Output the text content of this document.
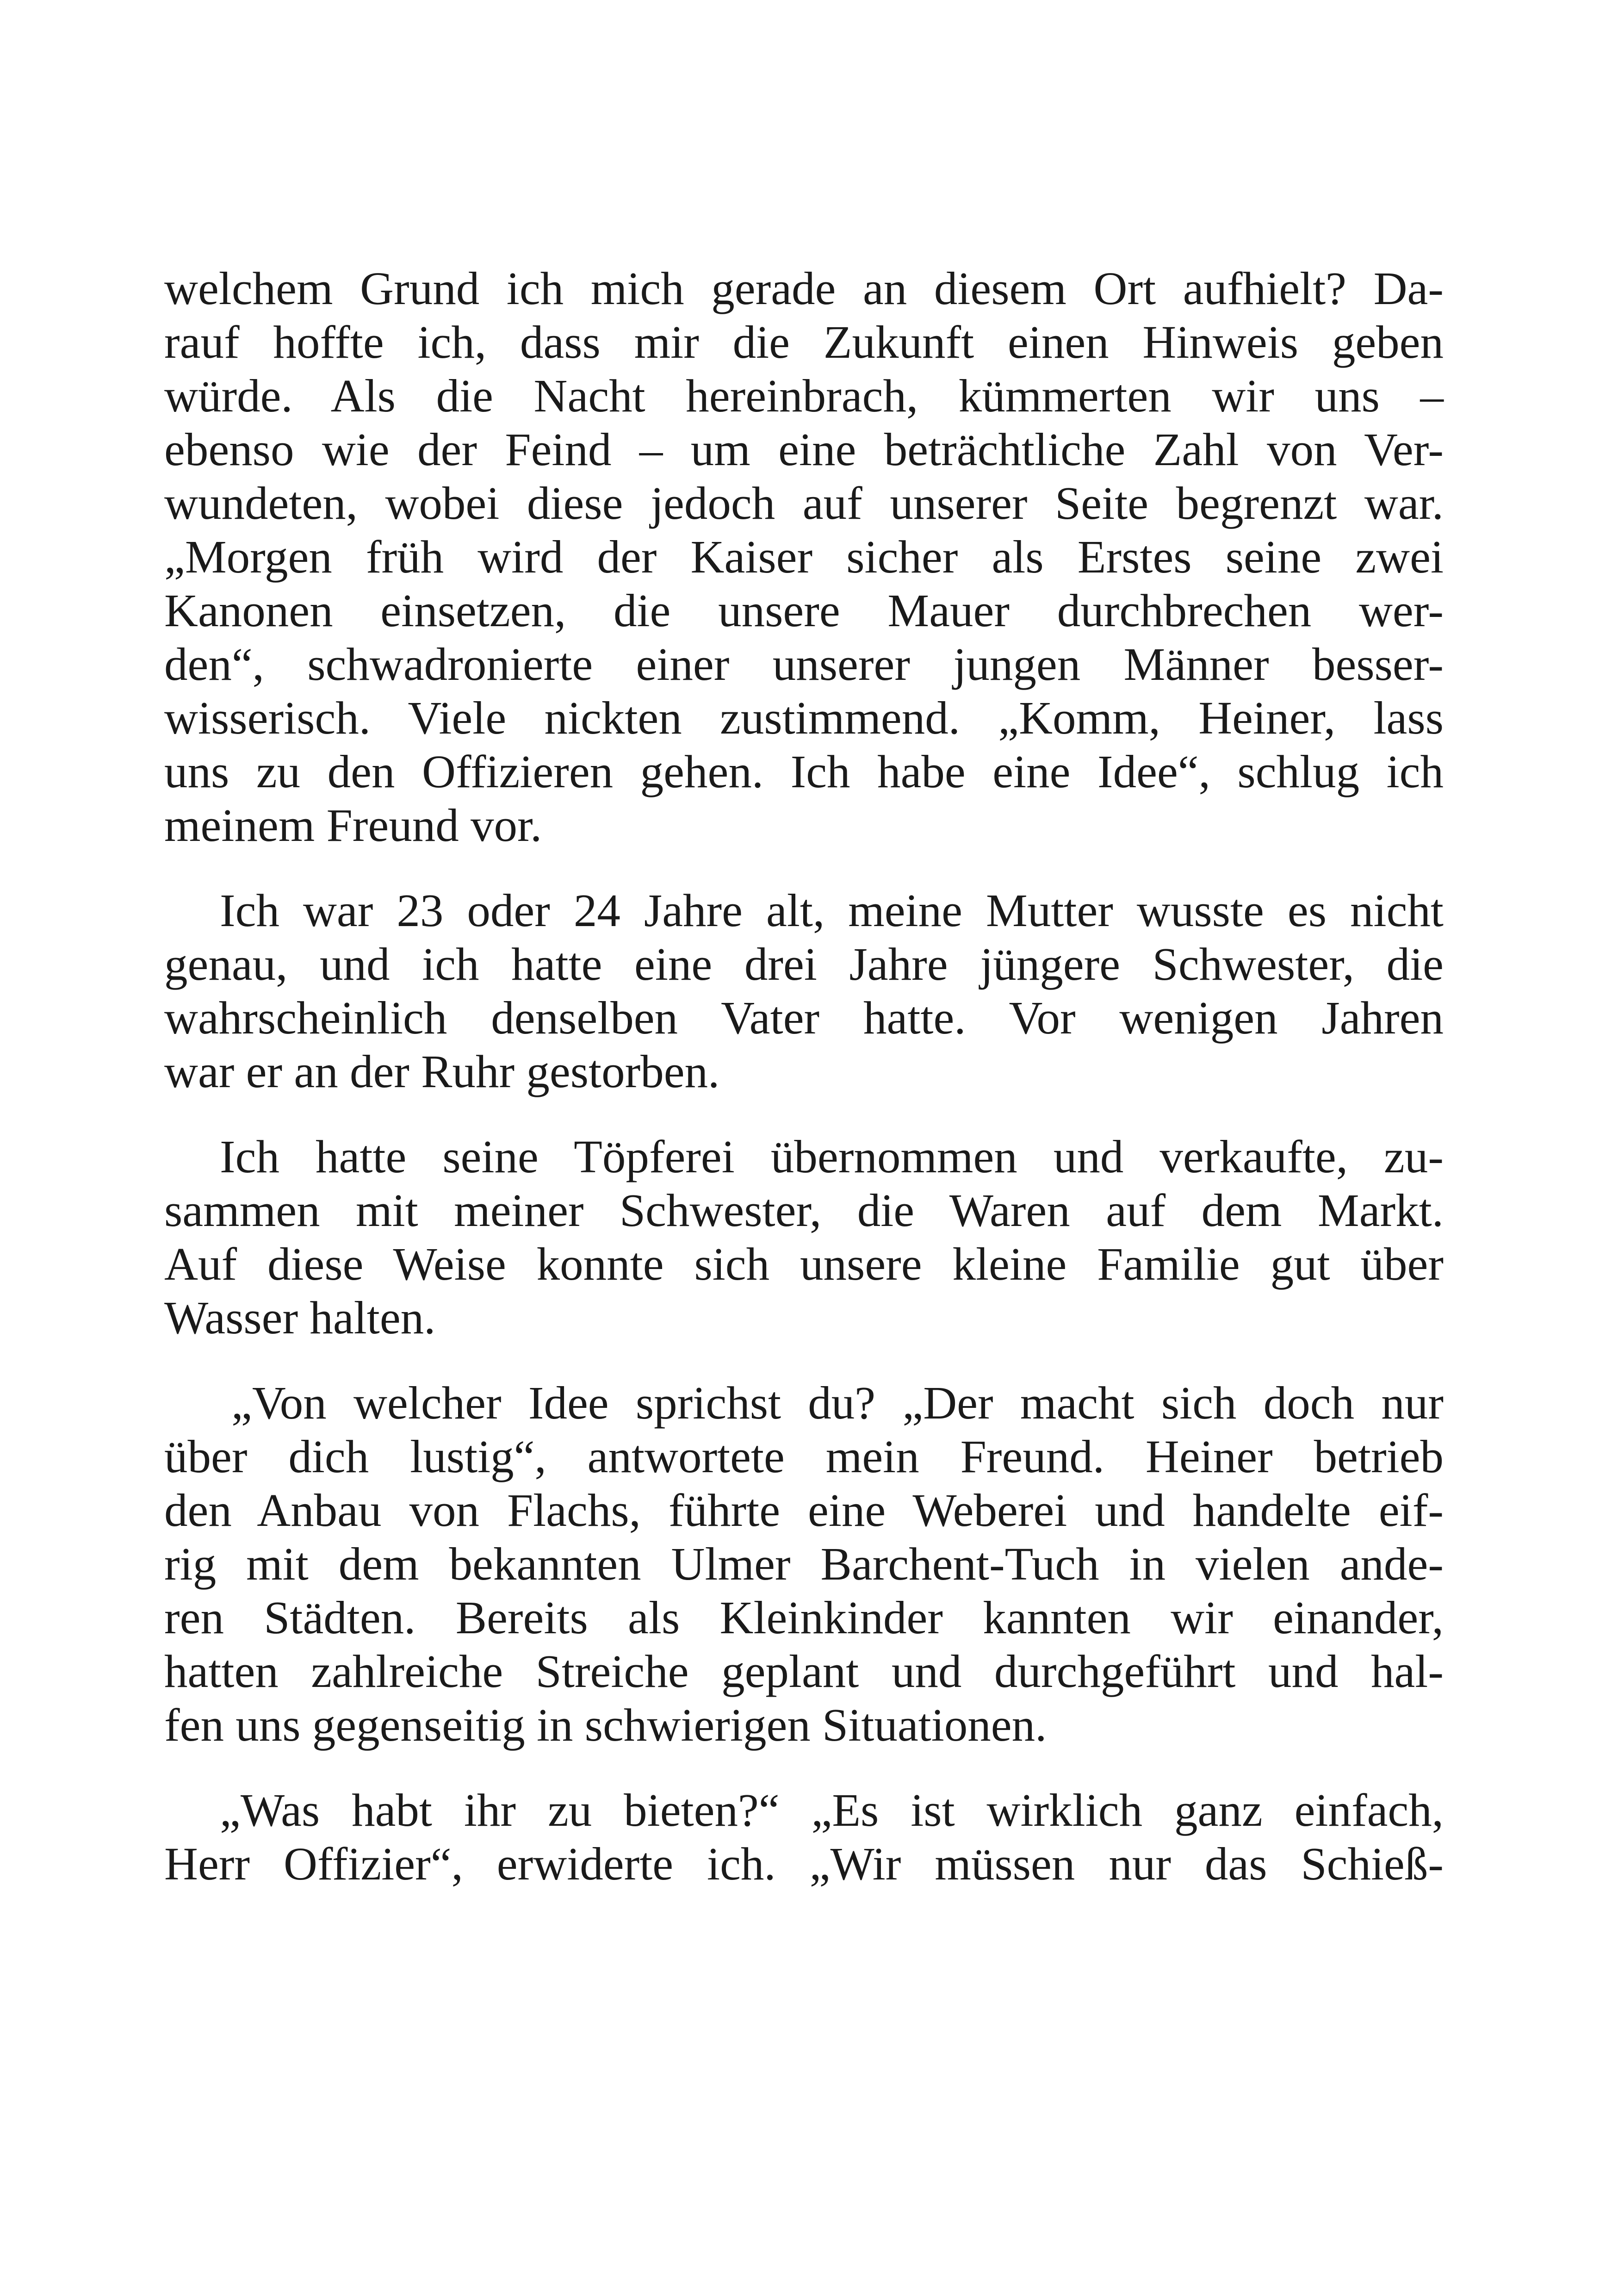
welchem Grund ich mich gerade an diesem Ort aufhielt? Da-
rauf hoffte ich, dass mir die Zukunft einen Hinweis geben
würde. Als die Nacht hereinbrach, kümmerten wir uns –
ebenso wie der Feind – um eine beträchtliche Zahl von Ver-
wundeten, wobei diese jedoch auf unserer Seite begrenzt war.
„Morgen früh wird der Kaiser sicher als Erstes seine zwei
Kanonen einsetzen, die unsere Mauer durchbrechen wer-
den“, schwadronierte einer unserer jungen Männer besser-
wisserisch. Viele nickten zustimmend. „Komm, Heiner, lass
uns zu den Offizieren gehen. Ich habe eine Idee“, schlug ich
meinem Freund vor.
Ich war 23 oder 24 Jahre alt, meine Mutter wusste es nicht
genau, und ich hatte eine drei Jahre jüngere Schwester, die
wahrscheinlich denselben Vater hatte. Vor wenigen Jahren
war er an der Ruhr gestorben.
Ich hatte seine Töpferei übernommen und verkaufte, zu-
sammen mit meiner Schwester, die Waren auf dem Markt.
Auf diese Weise konnte sich unsere kleine Familie gut über
Wasser halten.
„Von welcher Idee sprichst du? „Der macht sich doch nur
über dich lustig“, antwortete mein Freund. Heiner betrieb
den Anbau von Flachs, führte eine Weberei und handelte eif-
rig mit dem bekannten Ulmer Barchent-Tuch in vielen ande-
ren Städten. Bereits als Kleinkinder kannten wir einander,
hatten zahlreiche Streiche geplant und durchgeführt und hal-
fen uns gegenseitig in schwierigen Situationen.
„Was habt ihr zu bieten?“ „Es ist wirklich ganz einfach,
Herr Offizier“, erwiderte ich. „Wir müssen nur das Schieß-
